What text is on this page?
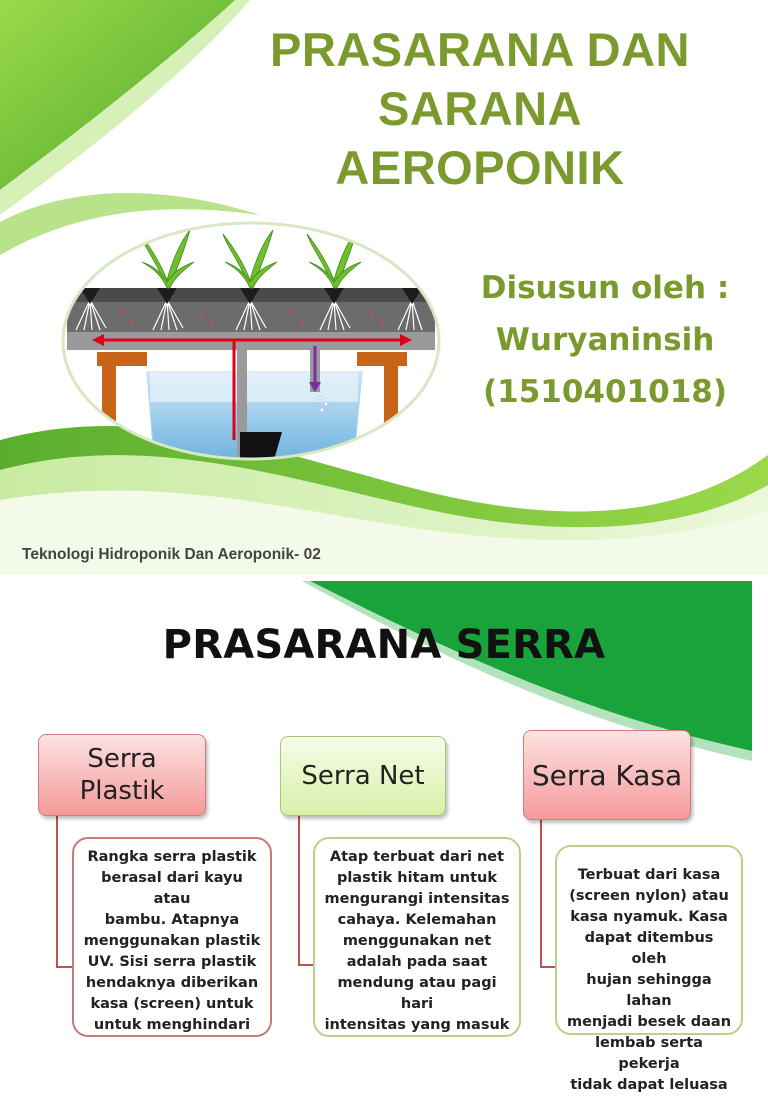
PRASARANA DAN
SARANA
AEROPONIK
Disusun oleh :
Wuryaninsih
(1510401018)
Teknologi Hidroponik Dan Aeroponik- 02
PRASARANA SERRA
Serra
Plastik	Serra Net	Serra Kasa
Rangka serra plastik
berasal dari kayu atau
bambu. Atapnya
menggunakan plastik
UV. Sisi serra plastik
hendaknya diberikan
kasa (screen) untuk
untuk menghindari
Atap terbuat dari net
plastik hitam untuk
mengurangi intensitas
cahaya. Kelemahan
menggunakan net
adalah pada saat
mendung atau pagi hari
intensitas yang masuk
Terbuat dari kasa
(screen nylon) atau
kasa nyamuk. Kasa
dapat ditembus oleh
hujan sehingga lahan
menjadi besek daan
lembab serta pekerja
tidak dapat leluasa
